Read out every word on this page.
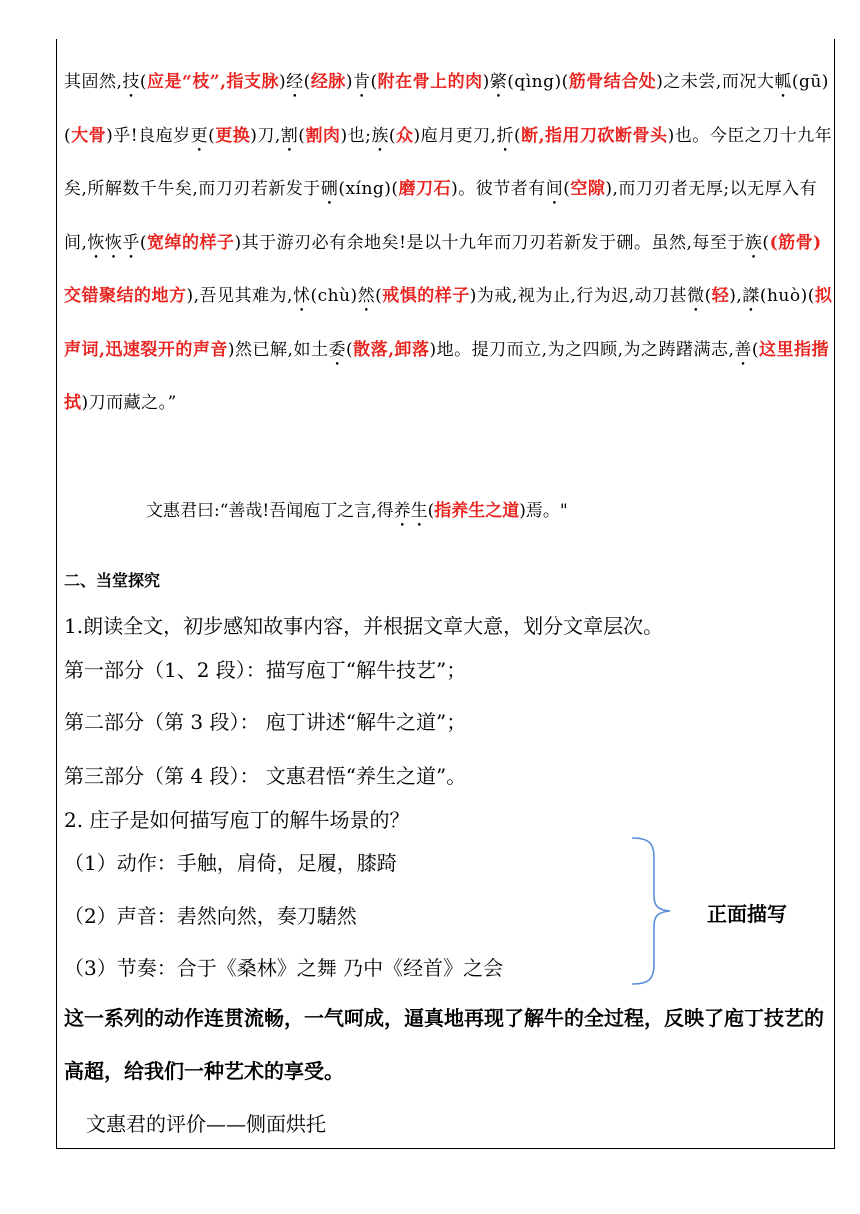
其固然,技(应是“枝”,指支脉)经(经脉)肯(附在骨上的肉)綮(qìng)(筋骨结合处)之未尝,而况大軱(gū)(大骨)乎!良庖岁更(更换)刀,割(割肉)也;族(众)庖月更刀,折(断,指用刀砍断骨头)也。今臣之刀十九年矣,所解数千牛矣,而刀刃若新发于硎(xíng)(磨刀石)。彼节者有间(空隙),而刀刃者无厚;以无厚入有间,恢恢乎(宽绰的样子)其于游刃必有余地矣!是以十九年而刀刃若新发于硎。虽然,每至于族((筋骨)交错聚结的地方),吾见其难为,怵(chù)然(戒惧的样子)为戒,视为止,行为迟,动刀甚微(轻),謋(huò)(拟声词,迅速裂开的声音)然已解,如土委(散落,卸落)地。提刀而立,为之四顾,为之踌躇满志,善(这里指揩拭)刀而藏之。”

文惠君曰:“善哉!吾闻庖丁之言,得养生(指养生之道)焉。"
二、当堂探究
1.朗读全文，初步感知故事内容，并根据文章大意，划分文章层次。
第一部分（1、2 段）：描写庖丁“解牛技艺”；
第二部分（第 3 段）： 庖丁讲述“解牛之道”；
第三部分（第 4 段）： 文惠君悟“养生之道”。
2. 庄子是如何描写庖丁的解牛场景的？
（1）动作：手触，肩倚，足履，膝踦
（2）声音：砉然向然，奏刀騞然
（3）节奏：合于《桑林》之舞 乃中《经首》之会
正面描写

这一系列的动作连贯流畅，一气呵成，逼真地再现了解牛的全过程，反映了庖丁技艺的高超，给我们一种艺术的享受。

文惠君的评价——侧面烘托
